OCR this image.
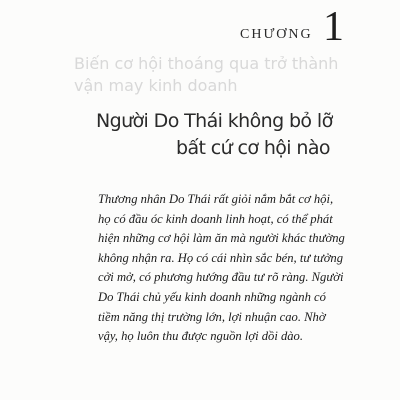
Biến cơ hội thoáng qua trở thành
vận may kinh doanh
CHƯƠNG 1
Người Do Thái không bỏ lỡ
bất cứ cơ hội nào
Thương nhân Do Thái rất giỏi nắm bắt cơ hội,
họ có đầu óc kinh doanh linh hoạt, có thể phát
hiện những cơ hội làm ăn mà người khác thường
không nhận ra. Họ có cái nhìn sắc bén, tư tưởng
cởi mở, có phương hướng đầu tư rõ ràng. Người
Do Thái chủ yếu kinh doanh những ngành có
tiềm năng thị trường lớn, lợi nhuận cao. Nhờ
vậy, họ luôn thu được nguồn lợi dồi dào.
